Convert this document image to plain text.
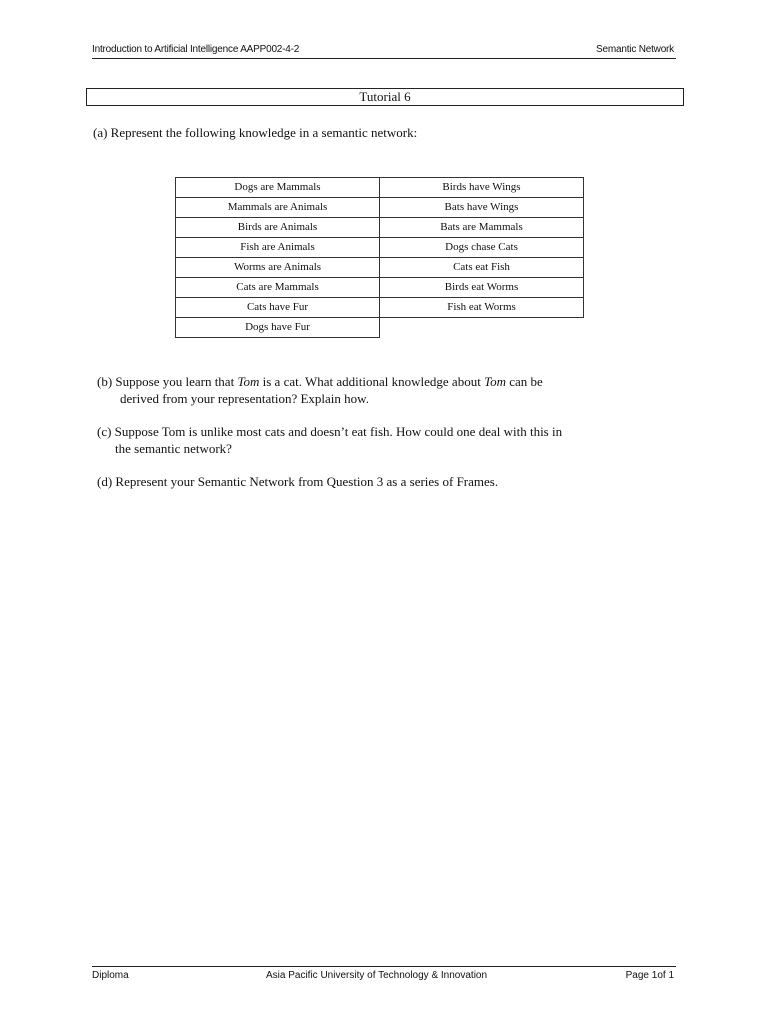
Introduction to Artificial Intelligence AAPP002-4-2	Semantic Network
Tutorial 6
(a) Represent the following knowledge in a semantic network:
Dogs are Mammals	Birds have Wings
Mammals are Animals	Bats have Wings
Birds are Animals	Bats are Mammals
Fish are Animals	Dogs chase Cats
Worms are Animals	Cats eat Fish
Cats are Mammals	Birds eat Worms
Cats have Fur	Fish eat Worms
Dogs have Fur	
(b) Suppose you learn that Tom is a cat. What additional knowledge about Tom can be
derived from your representation? Explain how.
(c) Suppose Tom is unlike most cats and doesn’t eat fish. How could one deal with this in
the semantic network?
(d) Represent your Semantic Network from Question 3 as a series of Frames.
Diploma	Asia Pacific University of Technology & Innovation	Page 1of 1
